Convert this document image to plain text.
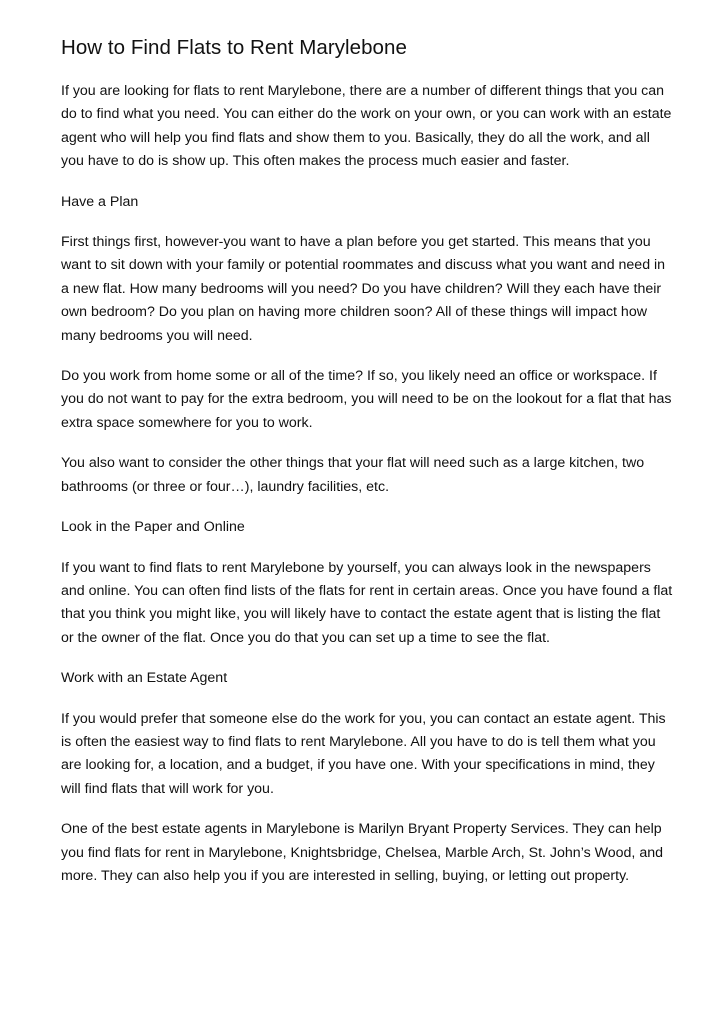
How to Find Flats to Rent Marylebone

If you are looking for flats to rent Marylebone, there are a number of different things that you can do to find what you need. You can either do the work on your own, or you can work with an estate agent who will help you find flats and show them to you. Basically, they do all the work, and all you have to do is show up. This often makes the process much easier and faster.

Have a Plan

First things first, however-you want to have a plan before you get started. This means that you want to sit down with your family or potential roommates and discuss what you want and need in a new flat. How many bedrooms will you need? Do you have children? Will they each have their own bedroom? Do you plan on having more children soon? All of these things will impact how many bedrooms you will need.

Do you work from home some or all of the time? If so, you likely need an office or workspace. If you do not want to pay for the extra bedroom, you will need to be on the lookout for a flat that has extra space somewhere for you to work.

You also want to consider the other things that your flat will need such as a large kitchen, two bathrooms (or three or four…), laundry facilities, etc.

Look in the Paper and Online

If you want to find flats to rent Marylebone by yourself, you can always look in the newspapers and online. You can often find lists of the flats for rent in certain areas. Once you have found a flat that you think you might like, you will likely have to contact the estate agent that is listing the flat or the owner of the flat. Once you do that you can set up a time to see the flat.

Work with an Estate Agent

If you would prefer that someone else do the work for you, you can contact an estate agent. This is often the easiest way to find flats to rent Marylebone. All you have to do is tell them what you are looking for, a location, and a budget, if you have one. With your specifications in mind, they will find flats that will work for you.

One of the best estate agents in Marylebone is Marilyn Bryant Property Services. They can help you find flats for rent in Marylebone, Knightsbridge, Chelsea, Marble Arch, St. John’s Wood, and more. They can also help you if you are interested in selling, buying, or letting out property.
